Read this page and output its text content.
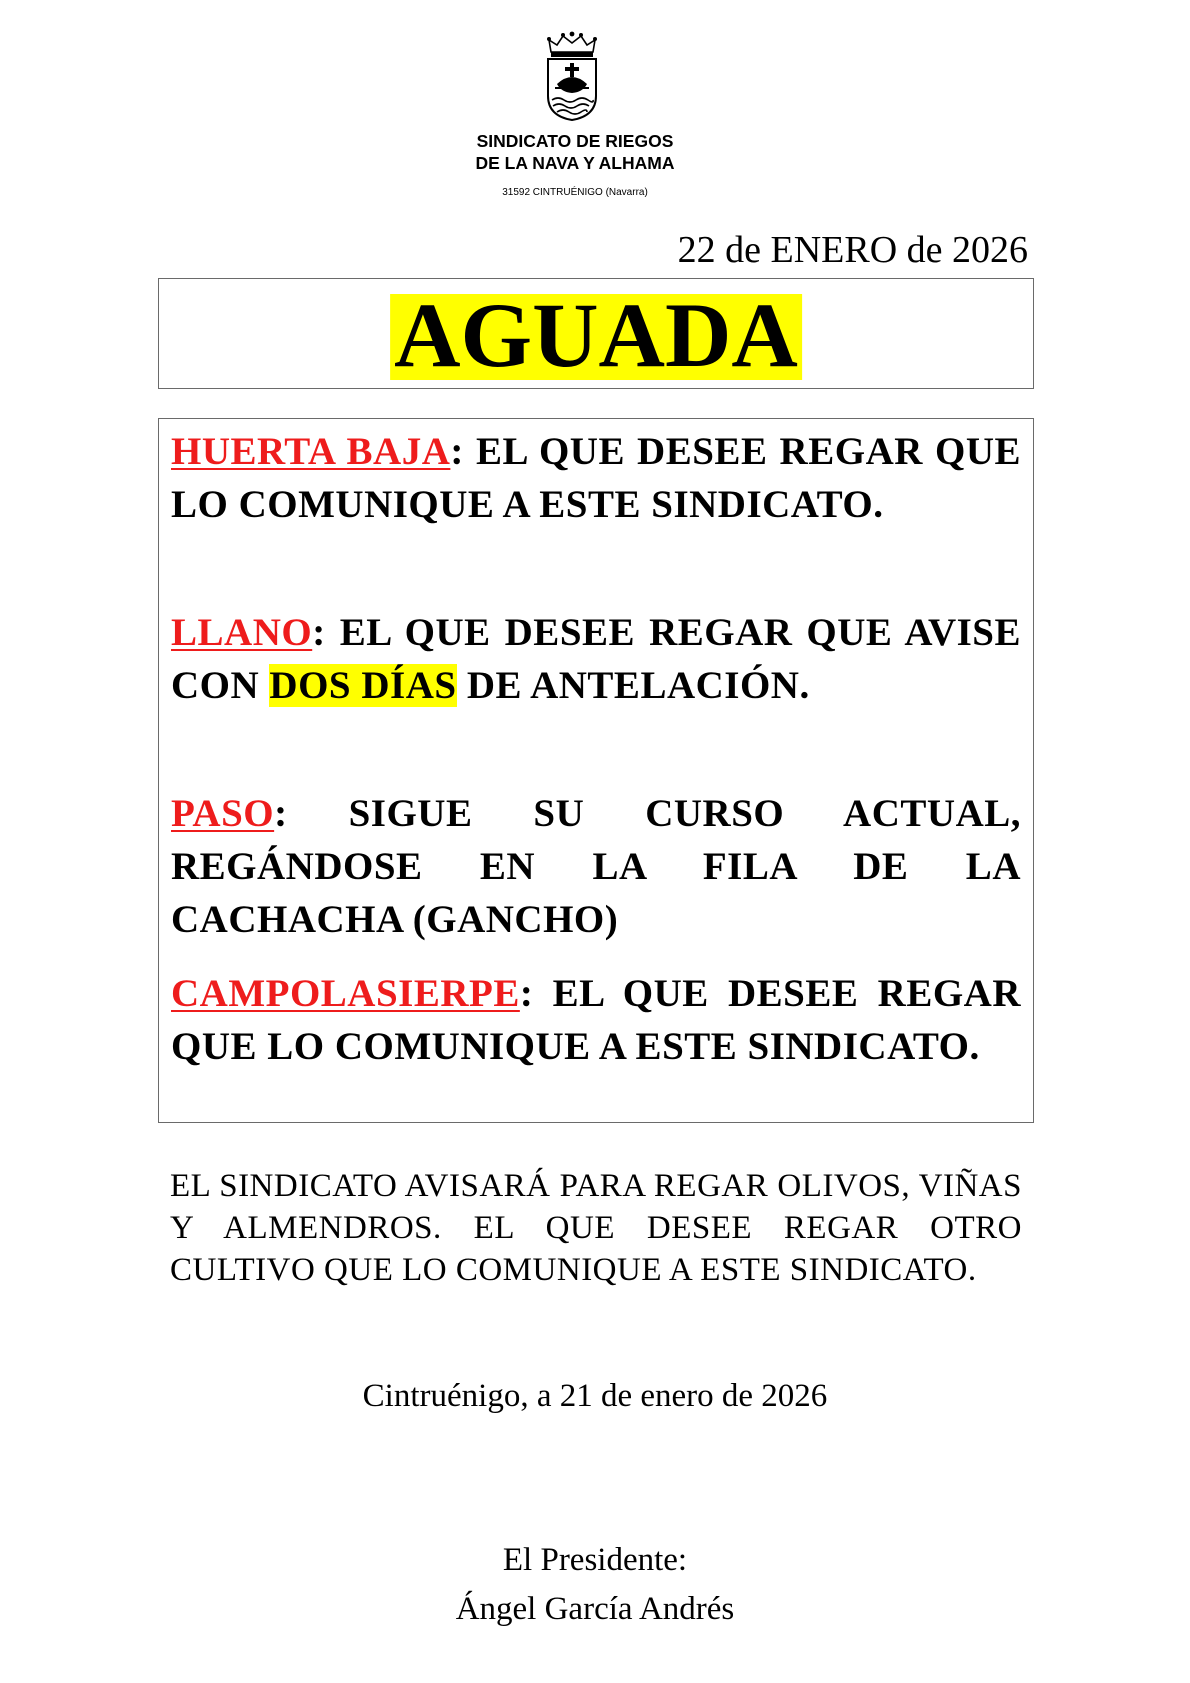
SINDICATO DE RIEGOS
DE LA NAVA Y ALHAMA
31592 CINTRUÉNIGO (Navarra)
22 de ENERO de 2026
AGUADA
HUERTA BAJA: EL QUE DESEE REGAR QUE LO COMUNIQUE A ESTE SINDICATO.
LLANO: EL QUE DESEE REGAR QUE AVISE CON DOS DÍAS DE ANTELACIÓN.
PASO: SIGUE SU CURSO ACTUAL, REGÁNDOSE EN LA FILA DE LA CACHACHA (GANCHO)
CAMPOLASIERPE: EL QUE DESEE REGAR QUE LO COMUNIQUE A ESTE SINDICATO.
EL SINDICATO AVISARÁ PARA REGAR OLIVOS, VIÑAS Y ALMENDROS. EL QUE DESEE REGAR OTRO CULTIVO QUE LO COMUNIQUE A ESTE SINDICATO.
Cintruénigo, a 21 de enero de 2026
El Presidente:
Ángel García Andrés
